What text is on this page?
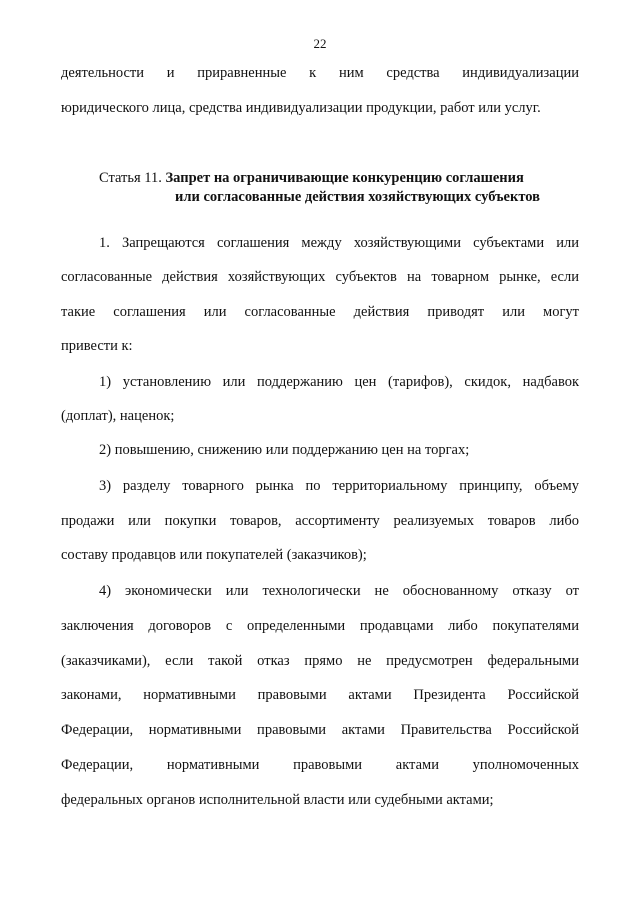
22
деятельности и приравненные к ним средства индивидуализации
юридического лица, средства индивидуализации продукции, работ или услуг.
Статья 11. Запрет на ограничивающие конкуренцию соглашения
или согласованные действия хозяйствующих субъектов
1. Запрещаются соглашения между хозяйствующими субъектами или
согласованные действия хозяйствующих субъектов на товарном рынке, если
такие соглашения или согласованные действия приводят или могут
привести к:
1) установлению или поддержанию цен (тарифов), скидок, надбавок
(доплат), наценок;
2) повышению, снижению или поддержанию цен на торгах;
3) разделу товарного рынка по территориальному принципу, объему
продажи или покупки товаров, ассортименту реализуемых товаров либо
составу продавцов или покупателей (заказчиков);
4) экономически или технологически не обоснованному отказу от
заключения договоров с определенными продавцами либо покупателями
(заказчиками), если такой отказ прямо не предусмотрен федеральными
законами, нормативными правовыми актами Президента Российской
Федерации, нормативными правовыми актами Правительства Российской
Федерации, нормативными правовыми актами уполномоченных
федеральных органов исполнительной власти или судебными актами;
